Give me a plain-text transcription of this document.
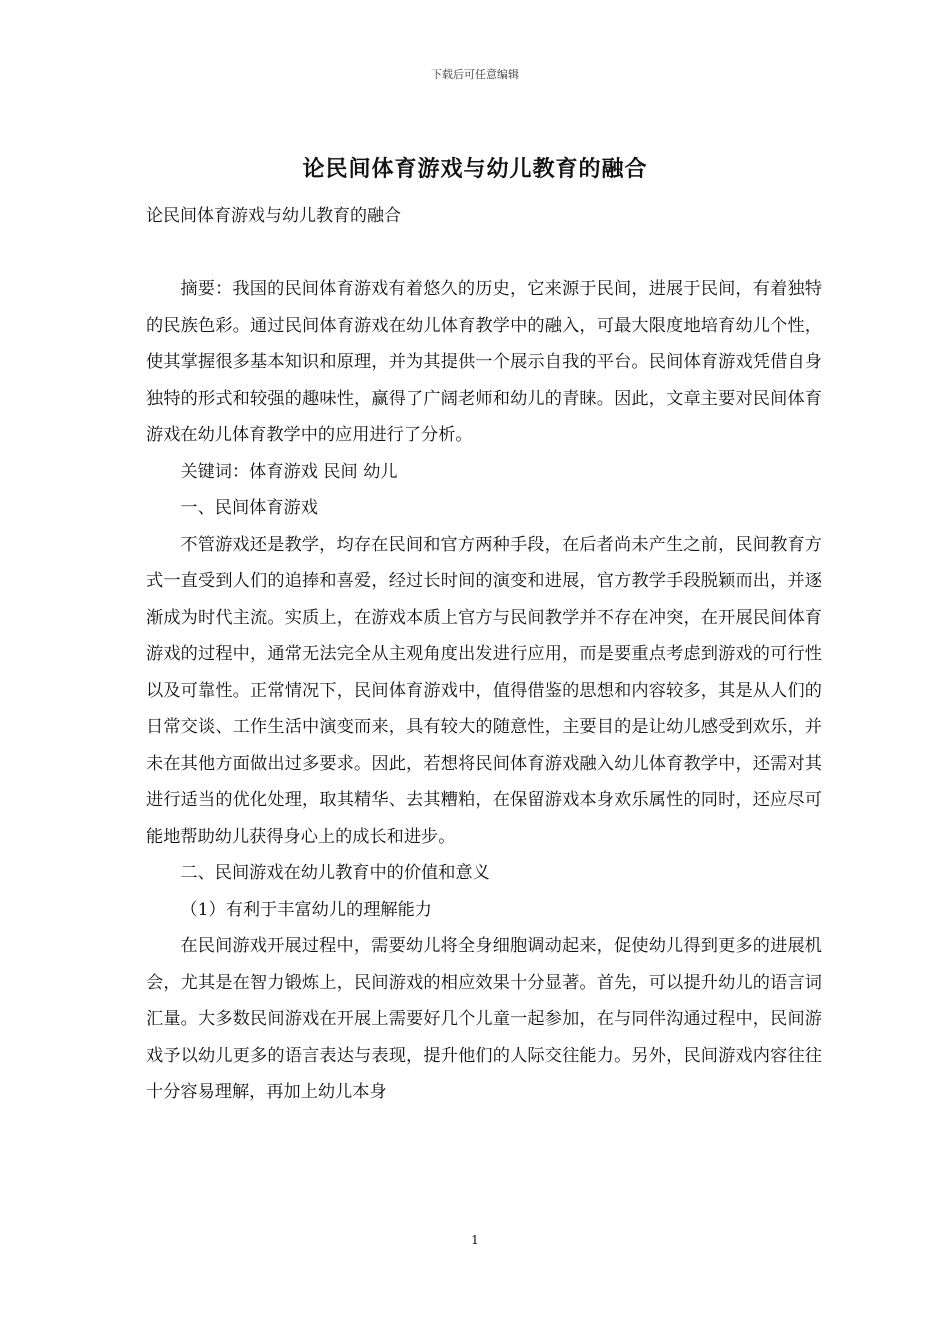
下载后可任意编辑
论民间体育游戏与幼儿教育的融合
论民间体育游戏与幼儿教育的融合

摘要：我国的民间体育游戏有着悠久的历史，它来源于民间，进展于民间，有着独特的民族色彩。通过民间体育游戏在幼儿体育教学中的融入，可最大限度地培育幼儿个性，使其掌握很多基本知识和原理，并为其提供一个展示自我的平台。民间体育游戏凭借自身独特的形式和较强的趣味性，赢得了广阔老师和幼儿的青睐。因此，文章主要对民间体育游戏在幼儿体育教学中的应用进行了分析。

关键词：体育游戏 民间 幼儿

一、民间体育游戏

不管游戏还是教学，均存在民间和官方两种手段，在后者尚未产生之前，民间教育方式一直受到人们的追捧和喜爱，经过长时间的演变和进展，官方教学手段脱颖而出，并逐渐成为时代主流。实质上，在游戏本质上官方与民间教学并不存在冲突，在开展民间体育游戏的过程中，通常无法完全从主观角度出发进行应用，而是要重点考虑到游戏的可行性以及可靠性。正常情况下，民间体育游戏中，值得借鉴的思想和内容较多，其是从人们的日常交谈、工作生活中演变而来，具有较大的随意性，主要目的是让幼儿感受到欢乐，并未在其他方面做出过多要求。因此，若想将民间体育游戏融入幼儿体育教学中，还需对其进行适当的优化处理，取其精华、去其糟粕，在保留游戏本身欢乐属性的同时，还应尽可能地帮助幼儿获得身心上的成长和进步。

二、民间游戏在幼儿教育中的价值和意义

（1）有利于丰富幼儿的理解能力

在民间游戏开展过程中，需要幼儿将全身细胞调动起来，促使幼儿得到更多的进展机会，尤其是在智力锻炼上，民间游戏的相应效果十分显著。首先，可以提升幼儿的语言词汇量。大多数民间游戏在开展上需要好几个儿童一起参加，在与同伴沟通过程中，民间游戏予以幼儿更多的语言表达与表现，提升他们的人际交往能力。另外，民间游戏内容往往十分容易理解，再加上幼儿本身

1
